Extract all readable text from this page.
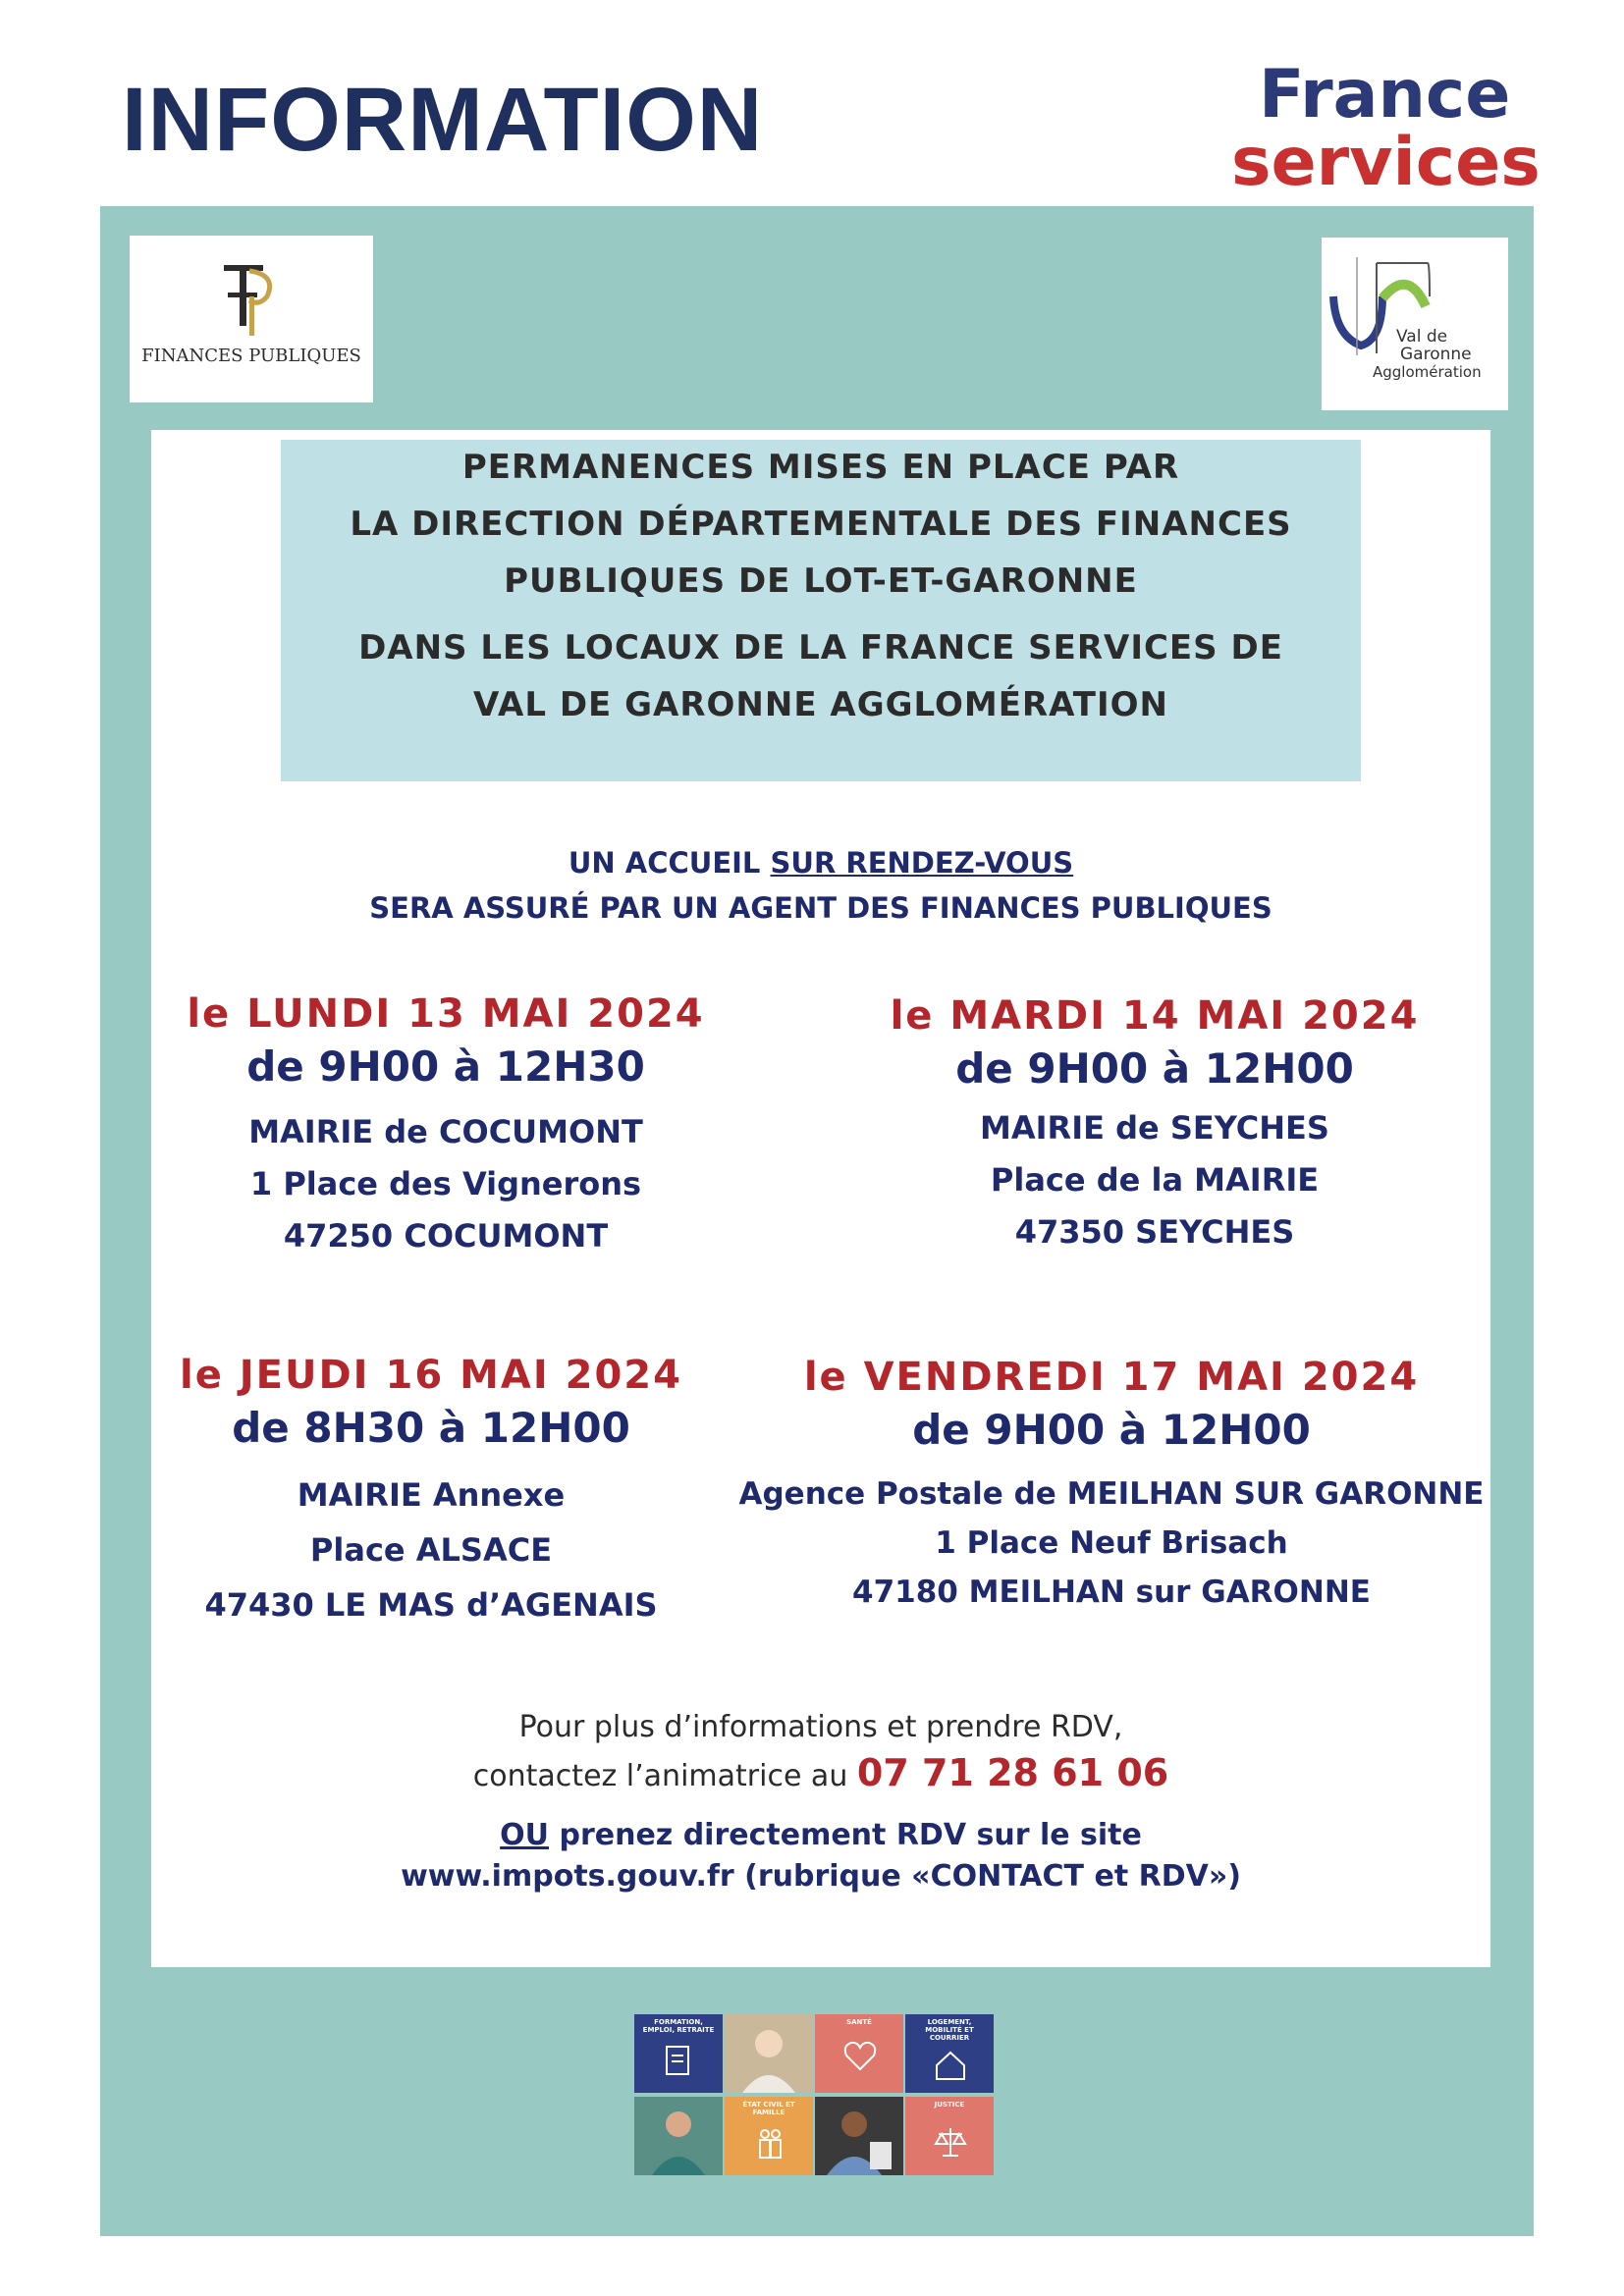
INFORMATION	France
services
FINANCES PUBLIQUES
Val de
Garonne
Agglomération
PERMANENCES MISES EN PLACE PAR
LA DIRECTION DÉPARTEMENTALE DES FINANCES
PUBLIQUES DE LOT-ET-GARONNE
DANS LES LOCAUX DE LA FRANCE SERVICES DE
VAL DE GARONNE AGGLOMÉRATION
UN ACCUEIL SUR RENDEZ-VOUS
SERA ASSURÉ PAR UN AGENT DES FINANCES PUBLIQUES
le LUNDI 13 MAI 2024
de 9H00 à 12H30
MAIRIE de COCUMONT
1 Place des Vignerons
47250 COCUMONT
le MARDI 14 MAI 2024
de 9H00 à 12H00
MAIRIE de SEYCHES
Place de la MAIRIE
47350 SEYCHES
le JEUDI 16 MAI 2024
de 8H30 à 12H00
MAIRIE Annexe
Place ALSACE
47430 LE MAS d’AGENAIS
le VENDREDI 17 MAI 2024
de 9H00 à 12H00
Agence Postale de MEILHAN SUR GARONNE
1 Place Neuf Brisach
47180 MEILHAN sur GARONNE
Pour plus d’informations et prendre RDV,
contactez l’animatrice au 07 71 28 61 06
OU prenez directement RDV sur le site
www.impots.gouv.fr (rubrique «CONTACT et RDV»)
FORMATION, EMPLOI, RETRAITE
SANTÉ	LOGEMENT, MOBILITÉ ET COURRIER
ÉTAT CIVIL ET FAMILLE
JUSTICE
